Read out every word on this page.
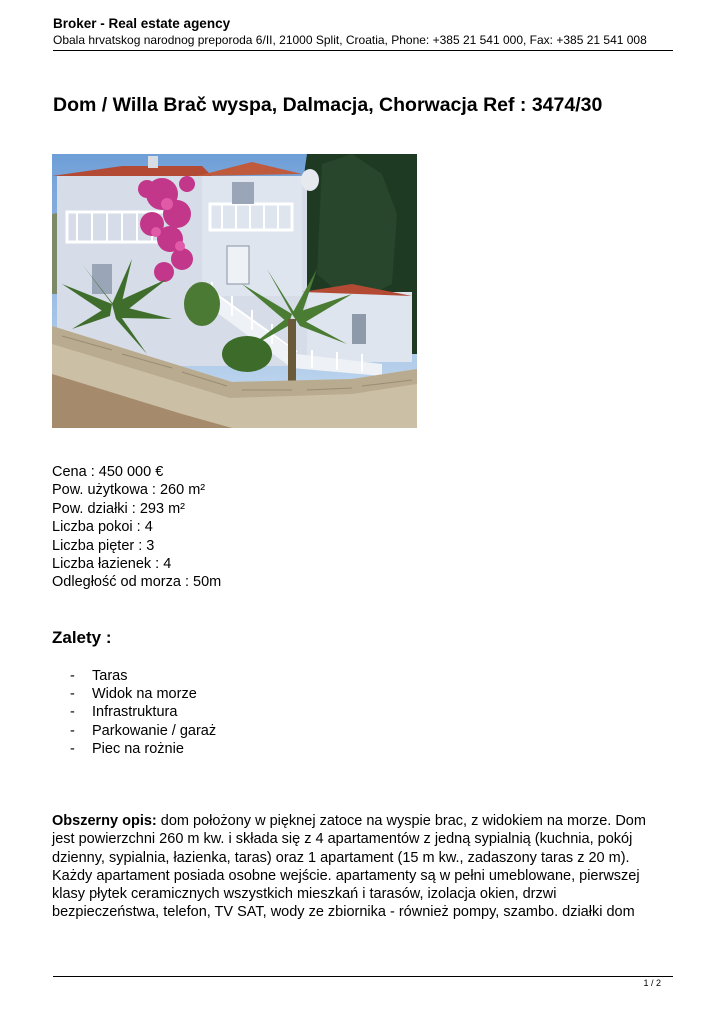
Broker - Real estate agency
Obala hrvatskog narodnog preporoda 6/II, 21000 Split, Croatia, Phone: +385 21 541 000, Fax: +385 21 541 008
Dom / Willa Brač wyspa, Dalmacja, Chorwacja Ref : 3474/30
Cena : 450 000 €
Pow. użytkowa : 260 m²
Pow. działki : 293 m²
Liczba pokoi : 4
Liczba pięter : 3
Liczba łazienek : 4
Odległość od morza : 50m
Zalety :
- Taras
- Widok na morze
- Infrastruktura
- Parkowanie / garaż
- Piec na rożnie

Obszerny opis: dom położony w pięknej zatoce na wyspie brac, z widokiem na morze. Dom jest powierzchni 260 m kw. i składa się z 4 apartamentów z jedną sypialnią (kuchnia, pokój dzienny, sypialnia, łazienka, taras) oraz 1 apartament (15 m kw., zadaszony taras z 20 m). Każdy apartament posiada osobne wejście. apartamenty są w pełni umeblowane, pierwszej klasy płytek ceramicznych wszystkich mieszkań i tarasów, izolacja okien, drzwi bezpieczeństwa, telefon, TV SAT, wody ze zbiornika - również pompy, szambo. działki dom

1 / 2
